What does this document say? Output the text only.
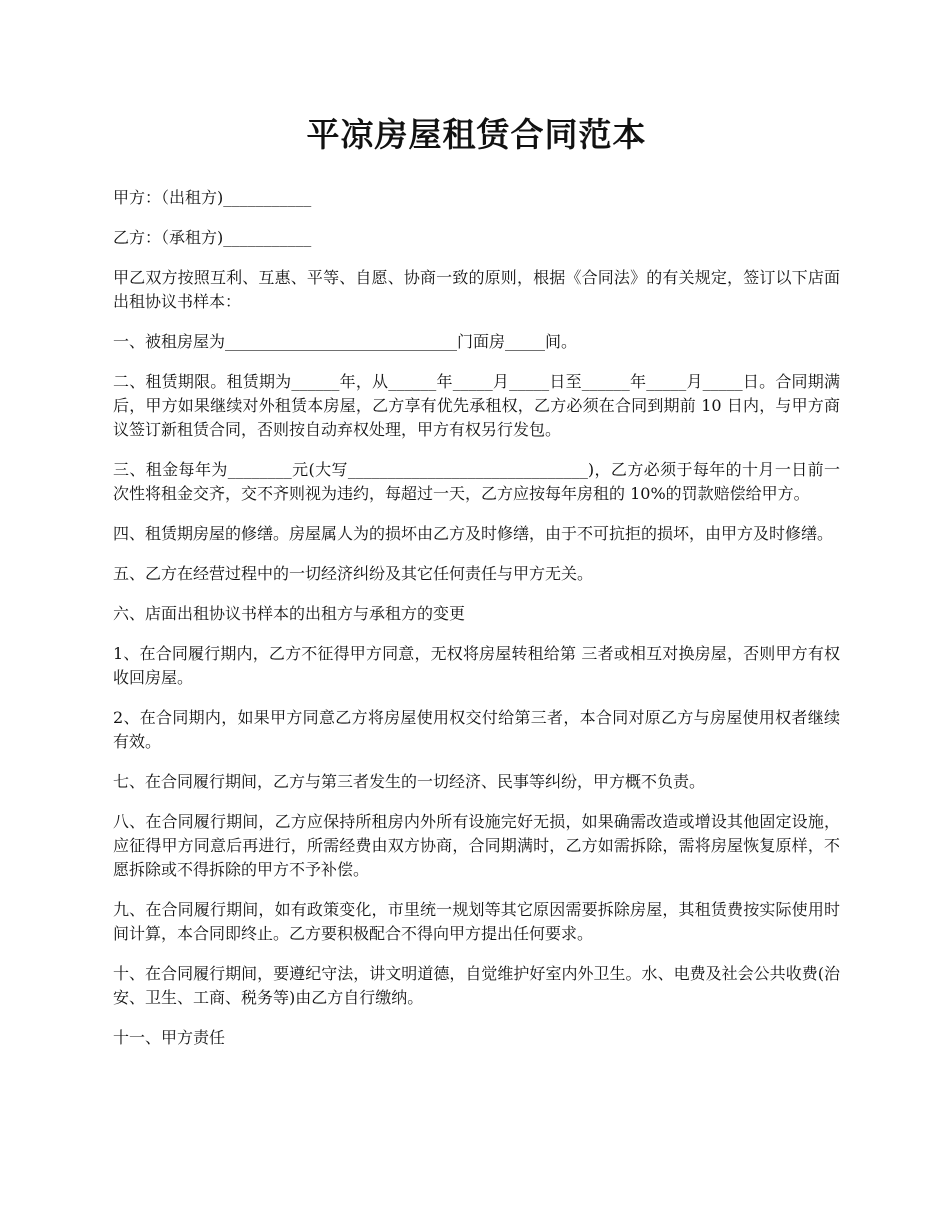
平凉房屋租赁合同范本

甲方：（出租方)___________

乙方：（承租方)___________

甲乙双方按照互利、互惠、平等、自愿、协商一致的原则，根据《合同法》的有关规定，签订以下店面出租协议书样本：

一、被租房屋为_____________________________门面房_____间。

二、租赁期限。租赁期为______年，从______年_____月_____日至______年_____月_____日。合同期满后，甲方如果继续对外租赁本房屋，乙方享有优先承租权，乙方必须在合同到期前 10 日内，与甲方商议签订新租赁合同，否则按自动弃权处理，甲方有权另行发包。

三、租金每年为________元(大写______________________________)，乙方必须于每年的十月一日前一次性将租金交齐，交不齐则视为违约，每超过一天，乙方应按每年房租的 10%的罚款赔偿给甲方。

四、租赁期房屋的修缮。房屋属人为的损坏由乙方及时修缮，由于不可抗拒的损坏，由甲方及时修缮。

五、乙方在经营过程中的一切经济纠纷及其它任何责任与甲方无关。

六、店面出租协议书样本的出租方与承租方的变更

1、在合同履行期内，乙方不征得甲方同意，无权将房屋转租给第 三者或相互对换房屋，否则甲方有权收回房屋。

2、在合同期内，如果甲方同意乙方将房屋使用权交付给第三者，本合同对原乙方与房屋使用权者继续有效。

七、在合同履行期间，乙方与第三者发生的一切经济、民事等纠纷，甲方概不负责。

八、在合同履行期间，乙方应保持所租房内外所有设施完好无损，如果确需改造或增设其他固定设施，应征得甲方同意后再进行，所需经费由双方协商，合同期满时，乙方如需拆除，需将房屋恢复原样，不愿拆除或不得拆除的甲方不予补偿。

九、在合同履行期间，如有政策变化，市里统一规划等其它原因需要拆除房屋，其租赁费按实际使用时间计算，本合同即终止。乙方要积极配合不得向甲方提出任何要求。

十、在合同履行期间，要遵纪守法，讲文明道德，自觉维护好室内外卫生。水、电费及社会公共收费(治安、卫生、工商、税务等)由乙方自行缴纳。

十一、甲方责任
